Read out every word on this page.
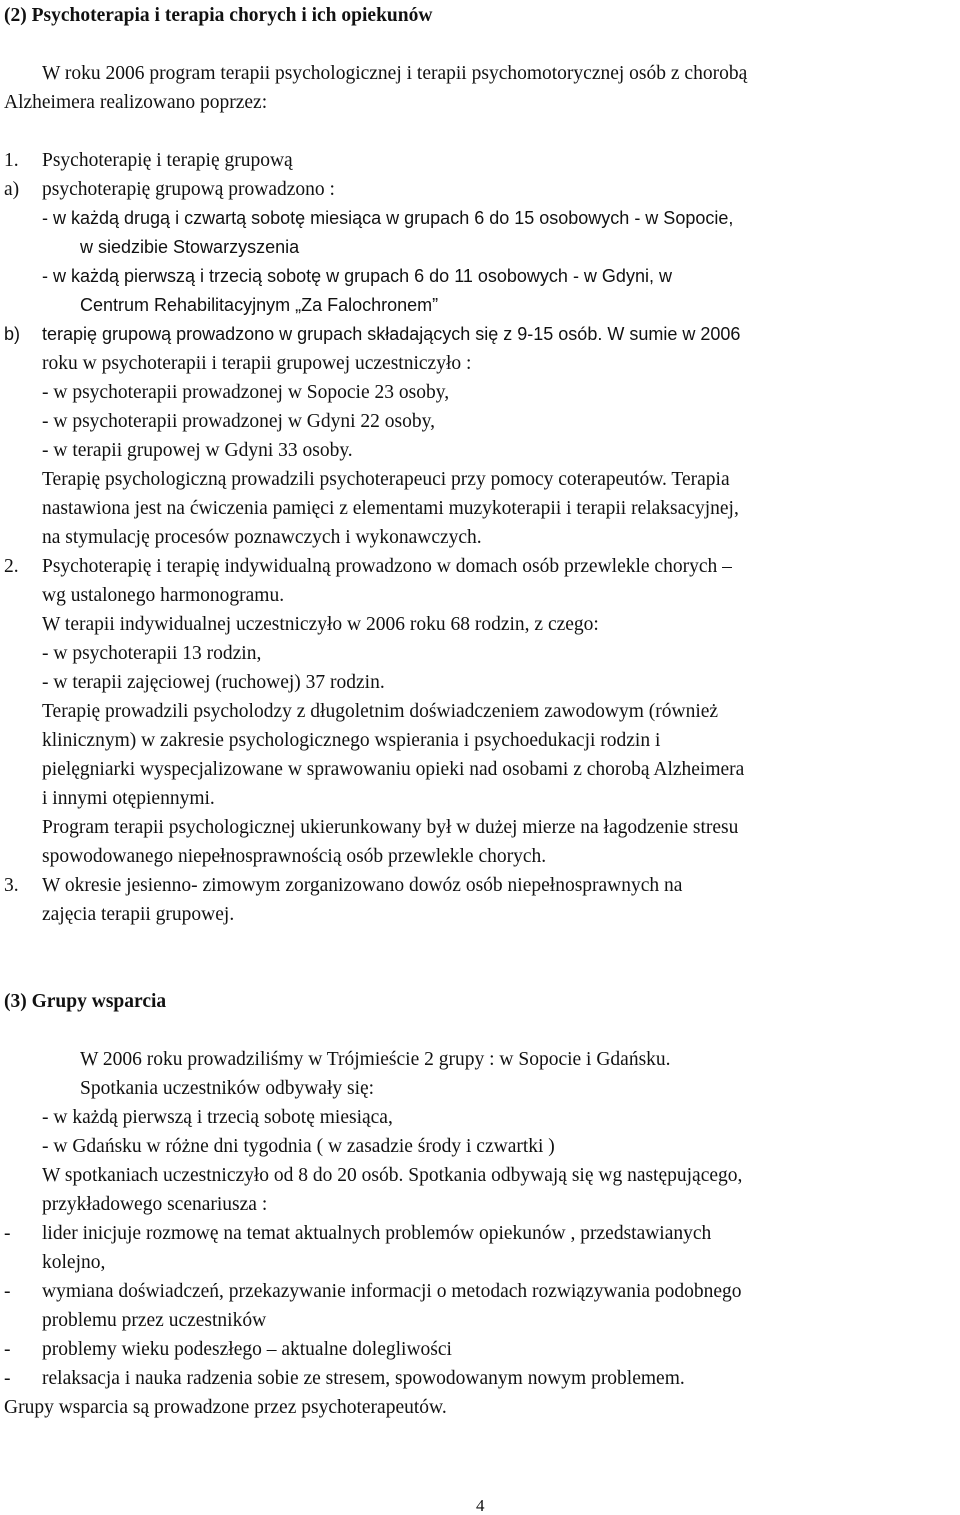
(2) Psychoterapia i terapia chorych i ich opiekunów
W roku 2006 program terapii psychologicznej i terapii psychomotorycznej osób z chorobą
Alzheimera realizowano poprzez:
1. Psychoterapię i terapię grupową
a) psychoterapię grupową prowadzono :
- w każdą drugą i czwartą sobotę miesiąca w grupach 6 do 15 osobowych - w Sopocie,
w siedzibie Stowarzyszenia
- w każdą pierwszą i trzecią sobotę w grupach 6 do 11 osobowych - w Gdyni, w
Centrum Rehabilitacyjnym „Za Falochronem”
b) terapię grupową prowadzono w grupach składających się z 9-15 osób. W sumie w 2006
roku w psychoterapii i terapii grupowej uczestniczyło :
- w psychoterapii prowadzonej w Sopocie 23 osoby,
- w psychoterapii prowadzonej w Gdyni 22 osoby,
- w terapii grupowej w Gdyni 33 osoby.
Terapię psychologiczną prowadzili psychoterapeuci przy pomocy coterapeutów. Terapia
nastawiona jest na ćwiczenia pamięci z elementami muzykoterapii i terapii relaksacyjnej,
na stymulację procesów poznawczych i wykonawczych.
2. Psychoterapię i terapię indywidualną prowadzono w domach osób przewlekle chorych –
wg ustalonego harmonogramu.
W terapii indywidualnej uczestniczyło w 2006 roku 68 rodzin, z czego:
- w psychoterapii 13 rodzin,
- w terapii zajęciowej (ruchowej) 37 rodzin.
Terapię prowadzili psycholodzy z długoletnim doświadczeniem zawodowym (również
klinicznym) w zakresie psychologicznego wspierania i psychoedukacji rodzin i
pielęgniarki wyspecjalizowane w sprawowaniu opieki nad osobami z chorobą Alzheimera
i innymi otępiennymi.
Program terapii psychologicznej ukierunkowany był w dużej mierze na łagodzenie stresu
spowodowanego niepełnosprawnością osób przewlekle chorych.
3. W okresie jesienno- zimowym zorganizowano dowóz osób niepełnosprawnych na
zajęcia terapii grupowej.
(3) Grupy wsparcia
W 2006 roku prowadziliśmy w Trójmieście 2 grupy : w Sopocie i Gdańsku.
Spotkania uczestników odbywały się:
- w każdą pierwszą i trzecią sobotę miesiąca,
- w Gdańsku w różne dni tygodnia ( w zasadzie środy i czwartki )
W spotkaniach uczestniczyło od 8 do 20 osób. Spotkania odbywają się wg następującego,
przykładowego scenariusza :
- lider inicjuje rozmowę na temat aktualnych problemów opiekunów , przedstawianych
kolejno,
- wymiana doświadczeń, przekazywanie informacji o metodach rozwiązywania podobnego
problemu przez uczestników
- problemy wieku podeszłego – aktualne dolegliwości
- relaksacja i nauka radzenia sobie ze stresem, spowodowanym nowym problemem.
Grupy wsparcia są prowadzone przez psychoterapeutów.
4
